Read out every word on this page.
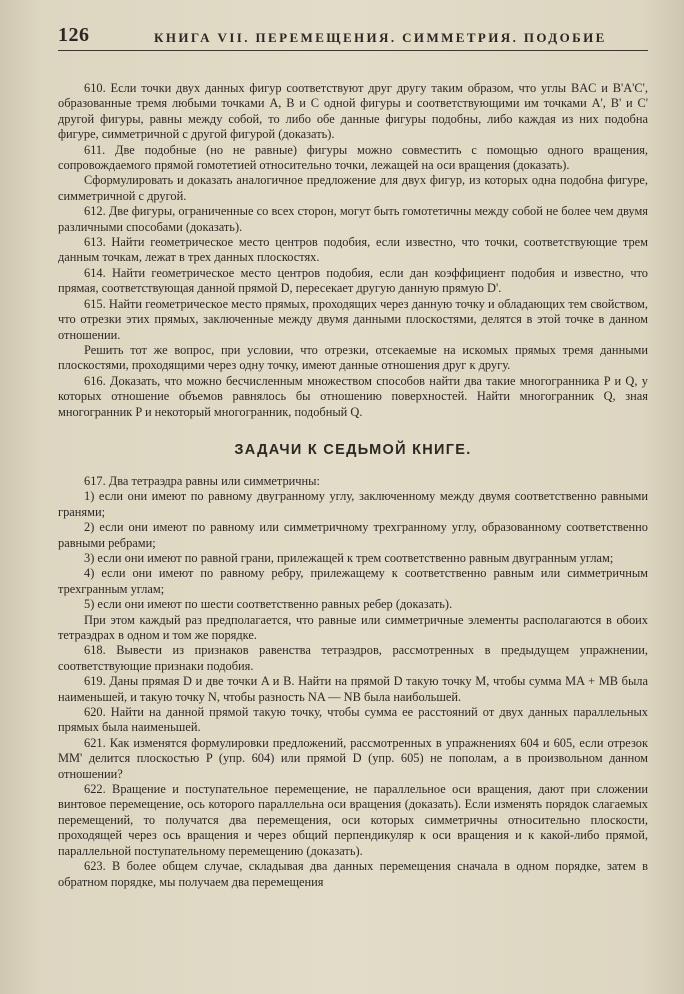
126	КНИГА VII. ПЕРЕМЕЩЕНИЯ. СИММЕТРИЯ. ПОДОБИЕ

610. Если точки двух данных фигур соответствуют друг другу таким образом, что углы BAC и B'A'C', образованные тремя любыми точками A, B и C одной фигуры и соответствующими им точками A', B' и C' другой фигуры, равны между собой, то либо обе данные фигуры подобны, либо каждая из них подобна фигуре, симметричной с другой фигурой (доказать).

611. Две подобные (но не равные) фигуры можно совместить с помощью одного вращения, сопровождаемого прямой гомотетией относительно точки, лежащей на оси вращения (доказать).

Сформулировать и доказать аналогичное предложение для двух фигур, из которых одна подобна фигуре, симметричной с другой.

612. Две фигуры, ограниченные со всех сторон, могут быть гомотетичны между собой не более чем двумя различными способами (доказать).

613. Найти геометрическое место центров подобия, если известно, что точки, соответствующие трем данным точкам, лежат в трех данных плоскостях.

614. Найти геометрическое место центров подобия, если дан коэффициент подобия и известно, что прямая, соответствующая данной прямой D, пересекает другую данную прямую D'.

615. Найти геометрическое место прямых, проходящих через данную точку и обладающих тем свойством, что отрезки этих прямых, заключенные между двумя данными плоскостями, делятся в этой точке в данном отношении.

Решить тот же вопрос, при условии, что отрезки, отсекаемые на искомых прямых тремя данными плоскостями, проходящими через одну точку, имеют данные отношения друг к другу.

616. Доказать, что можно бесчисленным множеством способов найти два такие многогранника P и Q, у которых отношение объемов равнялось бы отношению поверхностей. Найти многогранник Q, зная многогранник P и некоторый многогранник, подобный Q.

ЗАДАЧИ К СЕДЬМОЙ КНИГЕ.

617. Два тетраэдра равны или симметричны:

1) если они имеют по равному двугранному углу, заключенному между двумя соответственно равными гранями;

2) если они имеют по равному или симметричному трехгранному углу, образованному соответственно равными ребрами;

3) если они имеют по равной грани, прилежащей к трем соответственно равным двугранным углам;

4) если они имеют по равному ребру, прилежащему к соответственно равным или симметричным трехгранным углам;

5) если они имеют по шести соответственно равных ребер (доказать).

При этом каждый раз предполагается, что равные или симметричные элементы располагаются в обоих тетраэдрах в одном и том же порядке.

618. Вывести из признаков равенства тетраэдров, рассмотренных в предыдущем упражнении, соответствующие признаки подобия.

619. Даны прямая D и две точки A и B. Найти на прямой D такую точку M, чтобы сумма MA + MB была наименьшей, и такую точку N, чтобы разность NA — NB была наибольшей.

620. Найти на данной прямой такую точку, чтобы сумма ее расстояний от двух данных параллельных прямых была наименьшей.

621. Как изменятся формулировки предложений, рассмотренных в упражнениях 604 и 605, если отрезок MM' делится плоскостью P (упр. 604) или прямой D (упр. 605) не пополам, а в произвольном данном отношении?

622. Вращение и поступательное перемещение, не параллельное оси вращения, дают при сложении винтовое перемещение, ось которого параллельна оси вращения (доказать). Если изменять порядок слагаемых перемещений, то получатся два перемещения, оси которых симметричны относительно плоскости, проходящей через ось вращения и через общий перпендикуляр к оси вращения и к какой-либо прямой, параллельной поступательному перемещению (доказать).

623. В более общем случае, складывая два данных перемещения сначала в одном порядке, затем в обратном порядке, мы получаем два перемещения
